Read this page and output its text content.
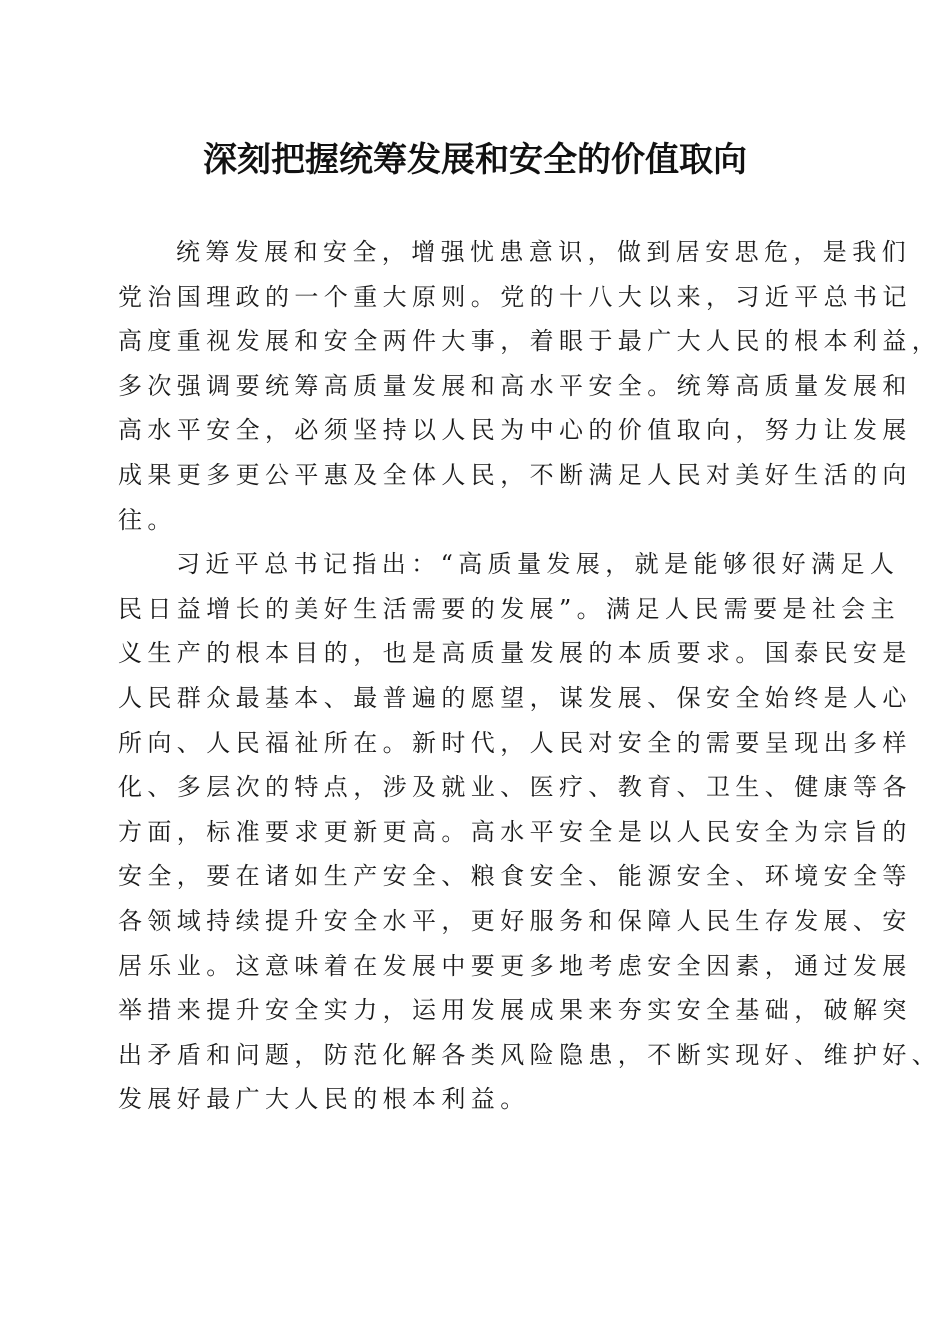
深刻把握统筹发展和安全的价值取向
统筹发展和安全，增强忧患意识，做到居安思危，是我们
党治国理政的一个重大原则。党的十八大以来，习近平总书记
高度重视发展和安全两件大事，着眼于最广大人民的根本利益，
多次强调要统筹高质量发展和高水平安全。统筹高质量发展和
高水平安全，必须坚持以人民为中心的价值取向，努力让发展
成果更多更公平惠及全体人民，不断满足人民对美好生活的向
往。
习近平总书记指出：“高质量发展，就是能够很好满足人
民日益增长的美好生活需要的发展”。满足人民需要是社会主
义生产的根本目的，也是高质量发展的本质要求。国泰民安是
人民群众最基本、最普遍的愿望，谋发展、保安全始终是人心
所向、人民福祉所在。新时代，人民对安全的需要呈现出多样
化、多层次的特点，涉及就业、医疗、教育、卫生、健康等各
方面，标准要求更新更高。高水平安全是以人民安全为宗旨的
安全，要在诸如生产安全、粮食安全、能源安全、环境安全等
各领域持续提升安全水平，更好服务和保障人民生存发展、安
居乐业。这意味着在发展中要更多地考虑安全因素，通过发展
举措来提升安全实力，运用发展成果来夯实安全基础，破解突
出矛盾和问题，防范化解各类风险隐患，不断实现好、维护好、
发展好最广大人民的根本利益。
